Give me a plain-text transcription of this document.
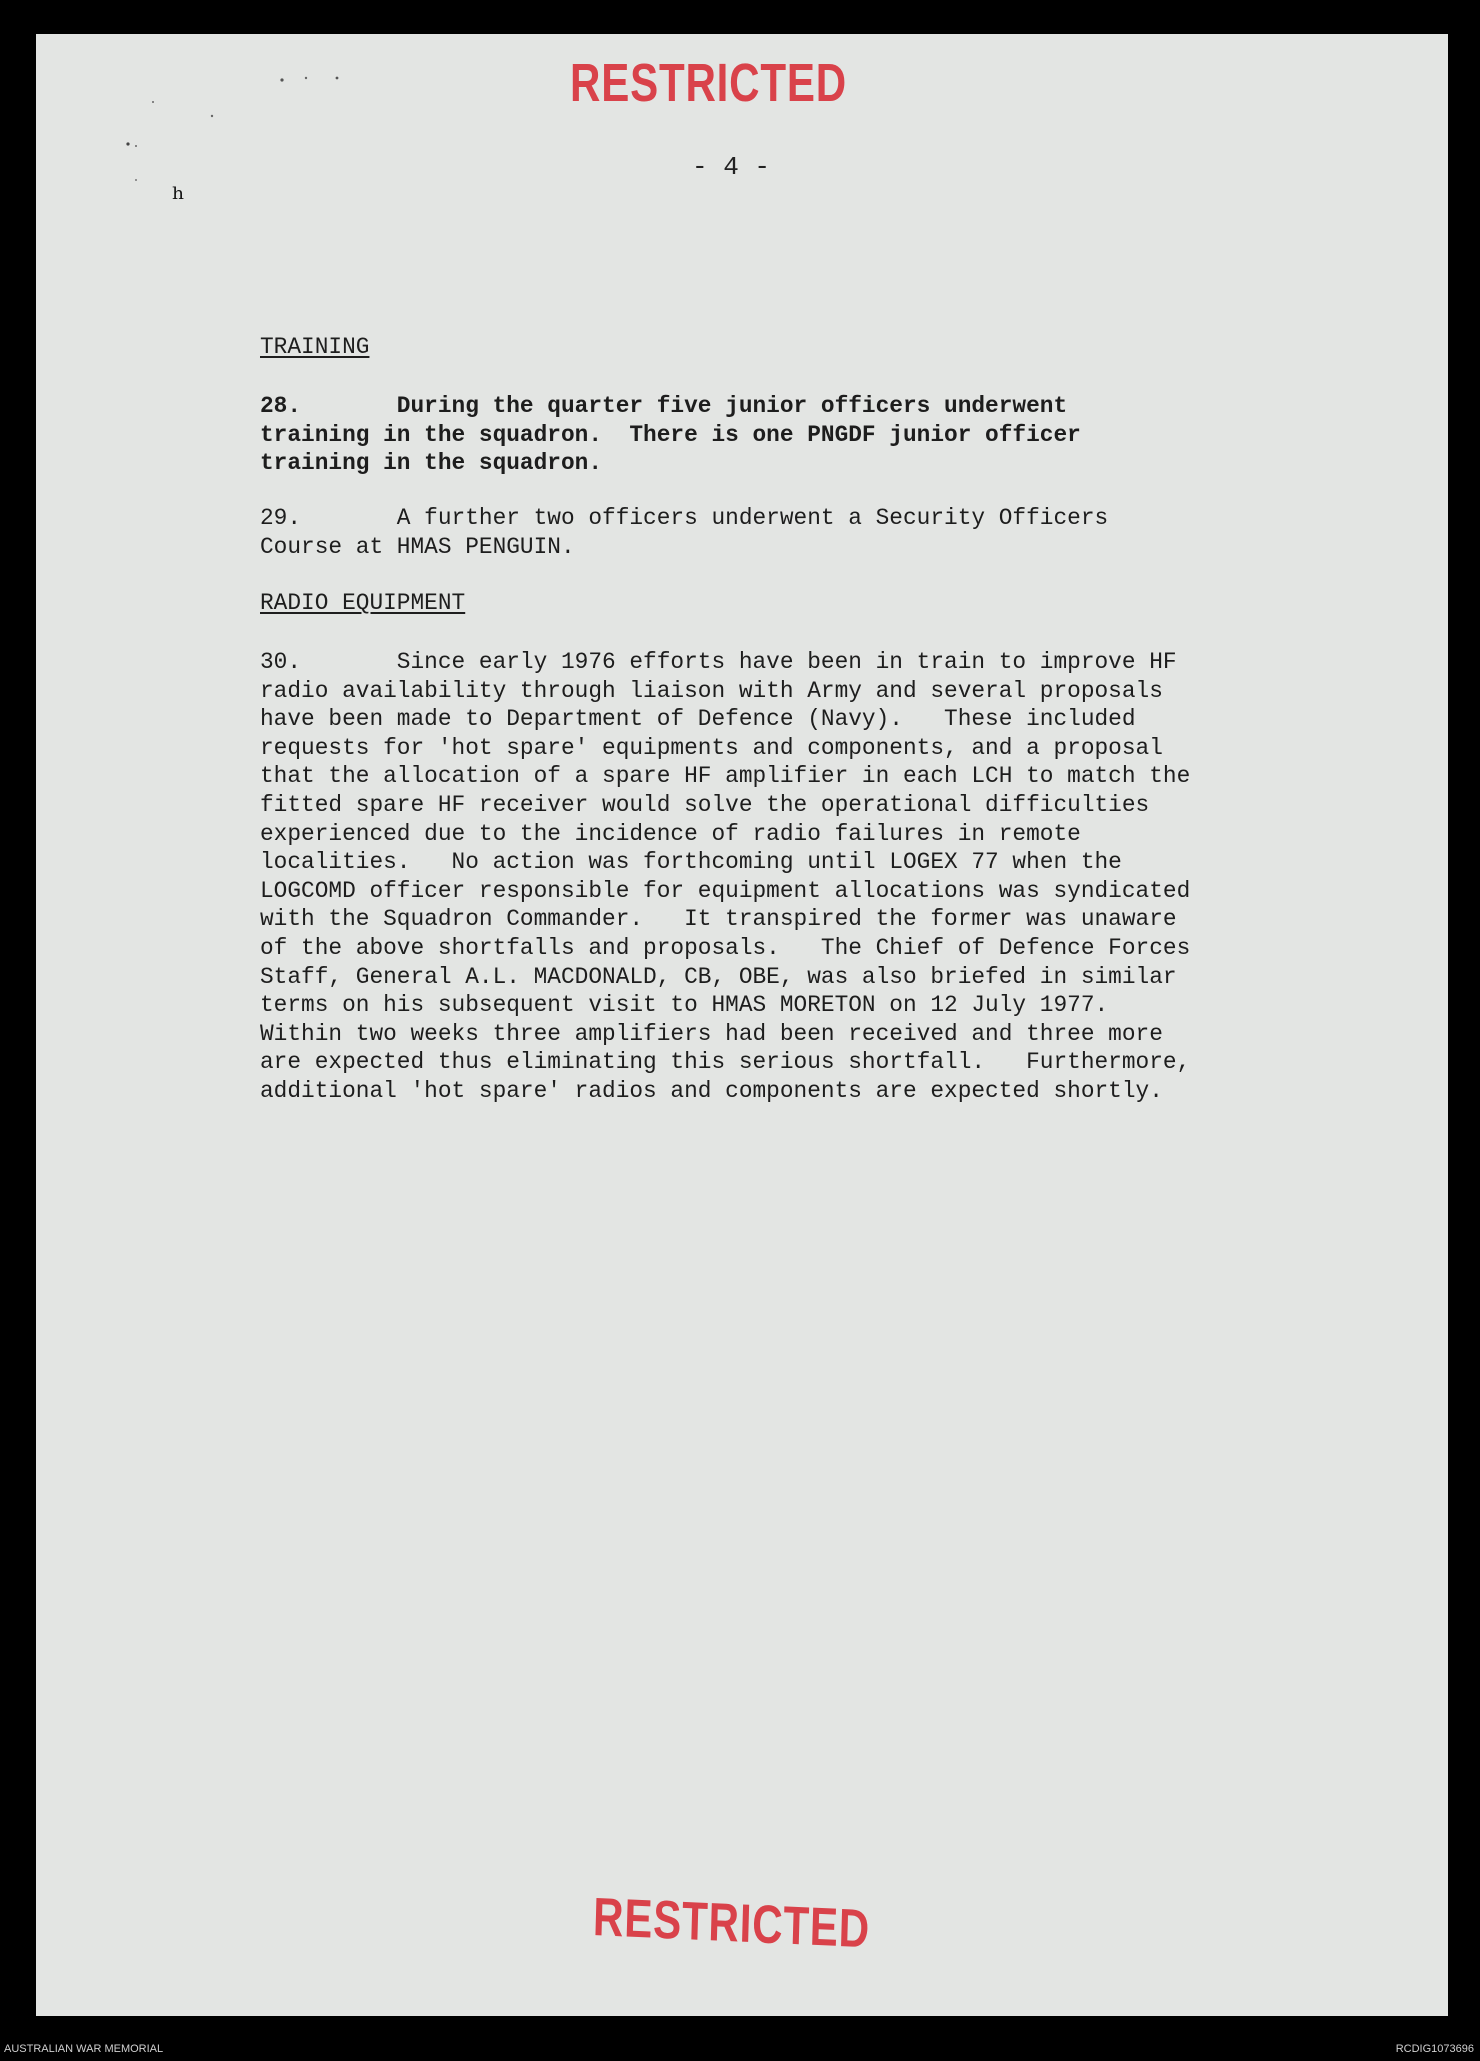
RESTRICTED
- 4 -
ʰ
TRAINING
28.       During the quarter five junior officers underwent
training in the squadron.  There is one PNGDF junior officer
training in the squadron.
29.       A further two officers underwent a Security Officers
Course at HMAS PENGUIN.
RADIO EQUIPMENT
30.       Since early 1976 efforts have been in train to improve HF
radio availability through liaison with Army and several proposals
have been made to Department of Defence (Navy).   These included
requests for 'hot spare' equipments and components, and a proposal
that the allocation of a spare HF amplifier in each LCH to match the
fitted spare HF receiver would solve the operational difficulties
experienced due to the incidence of radio failures in remote
localities.   No action was forthcoming until LOGEX 77 when the
LOGCOMD officer responsible for equipment allocations was syndicated
with the Squadron Commander.   It transpired the former was unaware
of the above shortfalls and proposals.   The Chief of Defence Forces
Staff, General A.L. MACDONALD, CB, OBE, was also briefed in similar
terms on his subsequent visit to HMAS MORETON on 12 July 1977.
Within two weeks three amplifiers had been received and three more
are expected thus eliminating this serious shortfall.   Furthermore,
additional 'hot spare' radios and components are expected shortly.
RESTRICTED
AUSTRALIAN WAR MEMORIAL	RCDIG1073696
